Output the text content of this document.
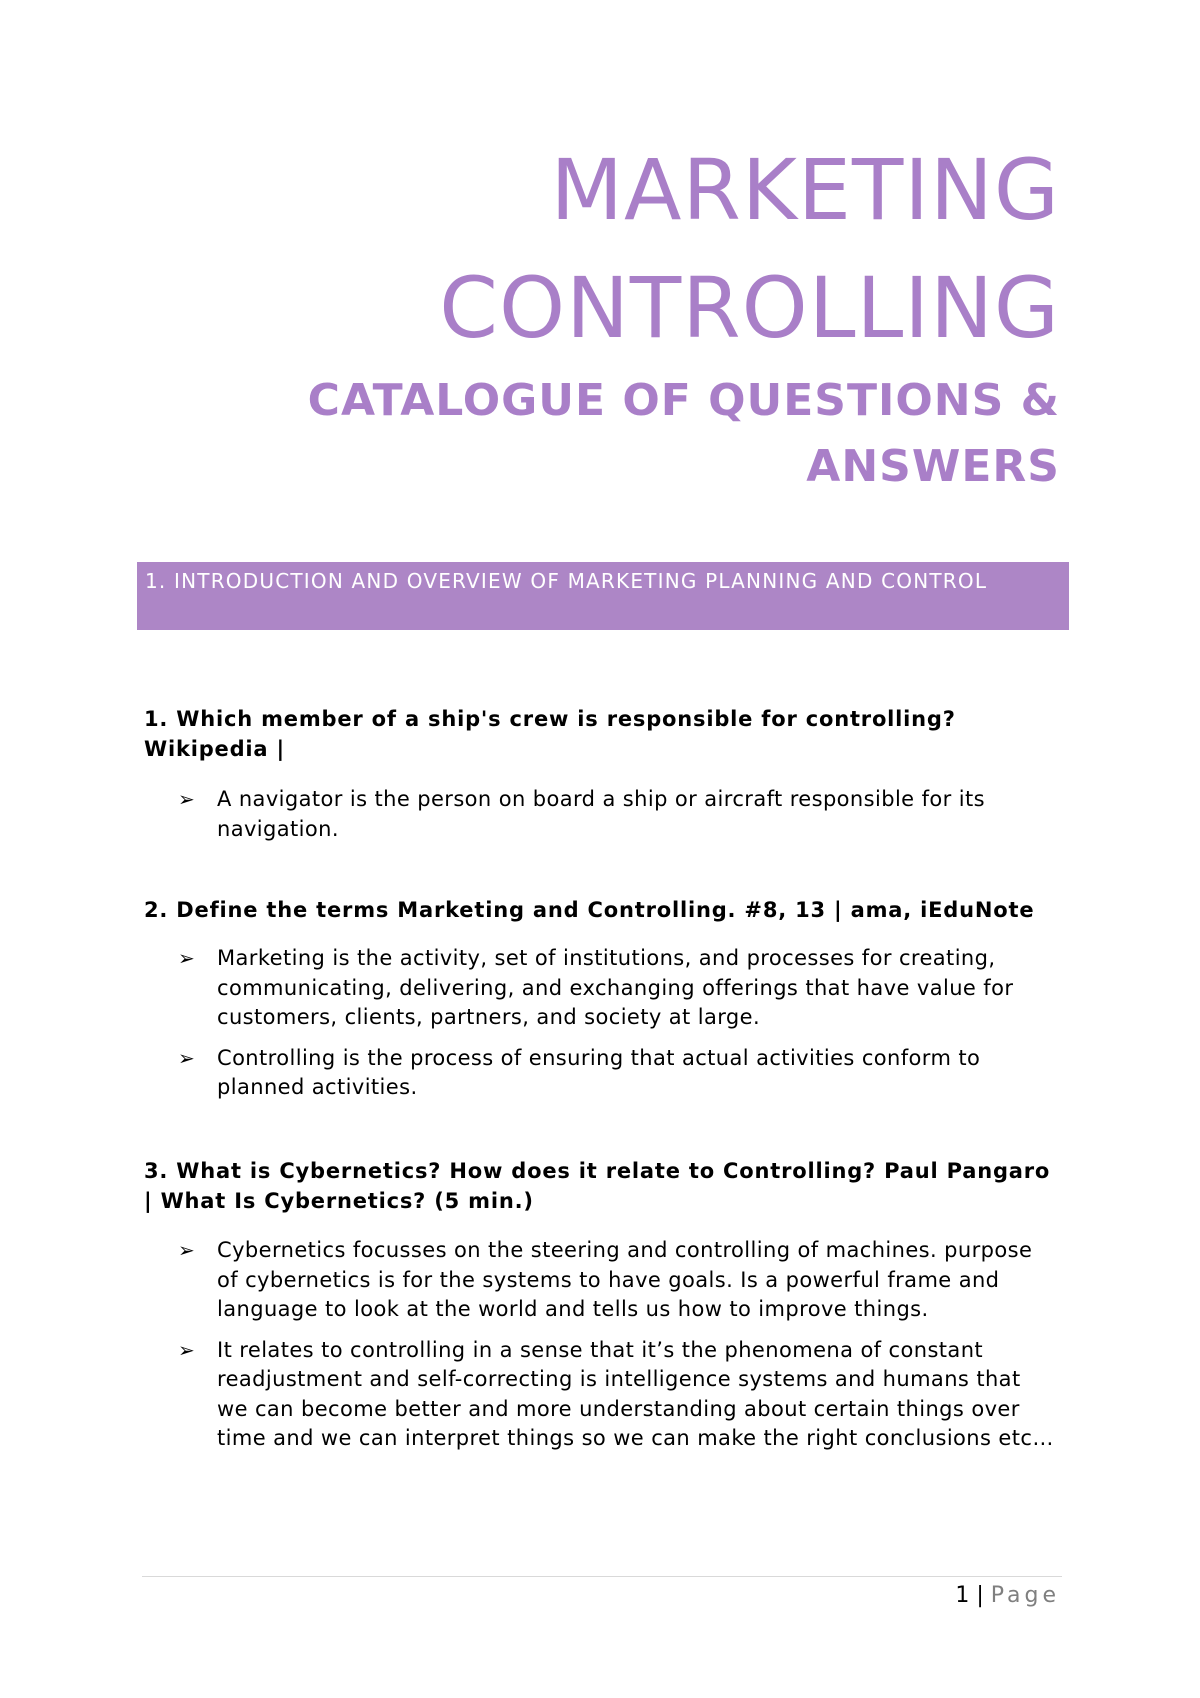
MARKETING
CONTROLLING
CATALOGUE OF QUESTIONS & ANSWERS
1. INTRODUCTION AND OVERVIEW OF MARKETING PLANNING AND CONTROL

1. Which member of a ship's crew is responsible for controlling? Wikipedia |

➢ A navigator is the person on board a ship or aircraft responsible for its navigation.

2. Define the terms Marketing and Controlling. #8, 13 | ama, iEduNote

➢ Marketing is the activity, set of institutions, and processes for creating, communicating, delivering, and exchanging offerings that have value for customers, clients, partners, and society at large.
➢ Controlling is the process of ensuring that actual activities conform to planned activities.

3. What is Cybernetics? How does it relate to Controlling? Paul Pangaro | What Is Cybernetics? (5 min.)

➢ Cybernetics focusses on the steering and controlling of machines. purpose of cybernetics is for the systems to have goals. Is a powerful frame and language to look at the world and tells us how to improve things.
➢ It relates to controlling in a sense that it’s the phenomena of constant readjustment and self-correcting is intelligence systems and humans that we can become better and more understanding about certain things over time and we can interpret things so we can make the right conclusions etc…
1 | Page
